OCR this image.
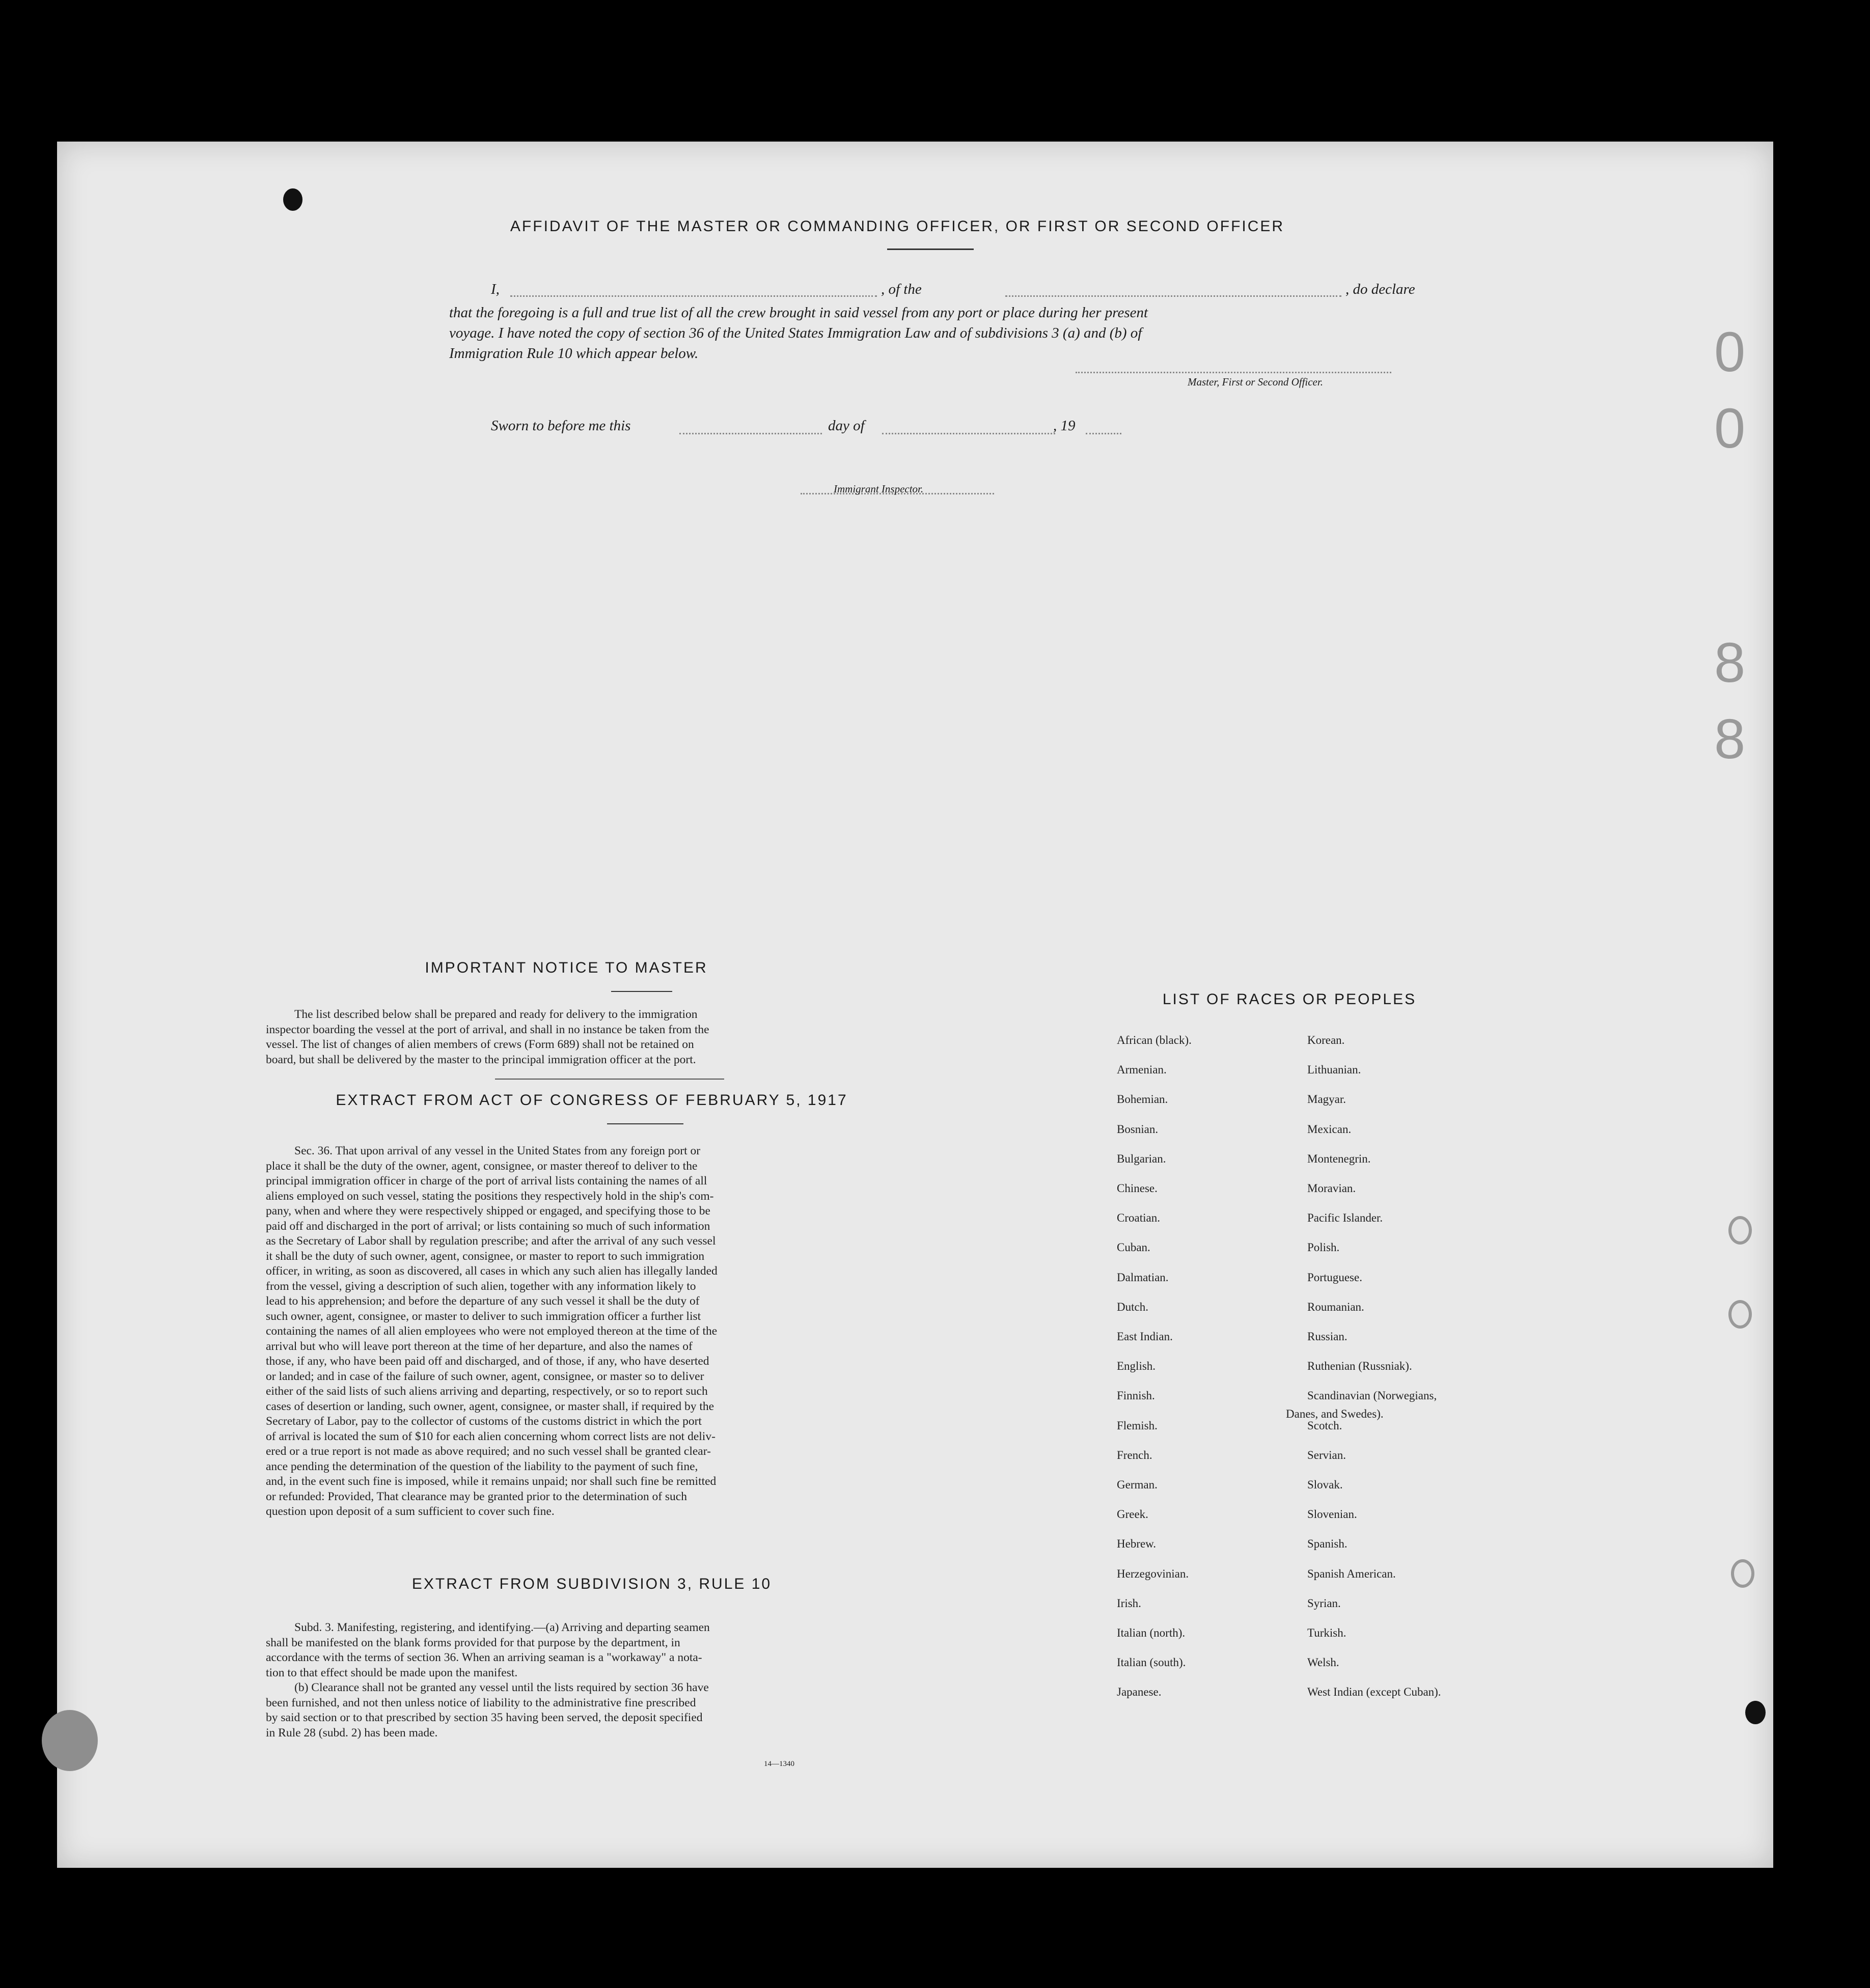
0
0
8
8
AFFIDAVIT OF THE MASTER OR COMMANDING OFFICER, OR FIRST OR SECOND OFFICER
I,	, of the	, do declare
that the foregoing is a full and true list of all the crew brought in said vessel from any port or place during her present
voyage. I have noted the copy of section 36 of the United States Immigration Law and of subdivisions 3 (a) and (b) of
Immigration Rule 10 which appear below.
Master, First or Second Officer.
Sworn to before me this	day of	, 19
Immigrant Inspector.
IMPORTANT NOTICE TO MASTER
The list described below shall be prepared and ready for delivery to the immigration
inspector boarding the vessel at the port of arrival, and shall in no instance be taken from the
vessel. The list of changes of alien members of crews (Form 689) shall not be retained on
board, but shall be delivered by the master to the principal immigration officer at the port.
EXTRACT FROM ACT OF CONGRESS OF FEBRUARY 5, 1917
Sec. 36. That upon arrival of any vessel in the United States from any foreign port or
place it shall be the duty of the owner, agent, consignee, or master thereof to deliver to the
principal immigration officer in charge of the port of arrival lists containing the names of all
aliens employed on such vessel, stating the positions they respectively hold in the ship's com-
pany, when and where they were respectively shipped or engaged, and specifying those to be
paid off and discharged in the port of arrival; or lists containing so much of such information
as the Secretary of Labor shall by regulation prescribe; and after the arrival of any such vessel
it shall be the duty of such owner, agent, consignee, or master to report to such immigration
officer, in writing, as soon as discovered, all cases in which any such alien has illegally landed
from the vessel, giving a description of such alien, together with any information likely to
lead to his apprehension; and before the departure of any such vessel it shall be the duty of
such owner, agent, consignee, or master to deliver to such immigration officer a further list
containing the names of all alien employees who were not employed thereon at the time of the
arrival but who will leave port thereon at the time of her departure, and also the names of
those, if any, who have been paid off and discharged, and of those, if any, who have deserted
or landed; and in case of the failure of such owner, agent, consignee, or master so to deliver
either of the said lists of such aliens arriving and departing, respectively, or so to report such
cases of desertion or landing, such owner, agent, consignee, or master shall, if required by the
Secretary of Labor, pay to the collector of customs of the customs district in which the port
of arrival is located the sum of $10 for each alien concerning whom correct lists are not deliv-
ered or a true report is not made as above required; and no such vessel shall be granted clear-
ance pending the determination of the question of the liability to the payment of such fine,
and, in the event such fine is imposed, while it remains unpaid; nor shall such fine be remitted
or refunded: Provided, That clearance may be granted prior to the determination of such
question upon deposit of a sum sufficient to cover such fine.
EXTRACT FROM SUBDIVISION 3, RULE 10
Subd. 3. Manifesting, registering, and identifying.—(a) Arriving and departing seamen
shall be manifested on the blank forms provided for that purpose by the department, in
accordance with the terms of section 36. When an arriving seaman is a "workaway" a nota-
tion to that effect should be made upon the manifest.
(b) Clearance shall not be granted any vessel until the lists required by section 36 have
been furnished, and not then unless notice of liability to the administrative fine prescribed
by said section or to that prescribed by section 35 having been served, the deposit specified
in Rule 28 (subd. 2) has been made.
14—1340
LIST OF RACES OR PEOPLES
Danes, and Swedes).
African (black).
Armenian.
Bohemian.
Bosnian.
Bulgarian.
Chinese.
Croatian.
Cuban.
Dalmatian.
Dutch.
East Indian.
English.
Finnish.
Flemish.
French.
German.
Greek.
Hebrew.
Herzegovinian.
Irish.
Italian (north).
Italian (south).
Japanese.
Korean.
Lithuanian.
Magyar.
Mexican.
Montenegrin.
Moravian.
Pacific Islander.
Polish.
Portuguese.
Roumanian.
Russian.
Ruthenian (Russniak).
Scandinavian (Norwegians,
Scotch.
Servian.
Slovak.
Slovenian.
Spanish.
Spanish American.
Syrian.
Turkish.
Welsh.
West Indian (except Cuban).
